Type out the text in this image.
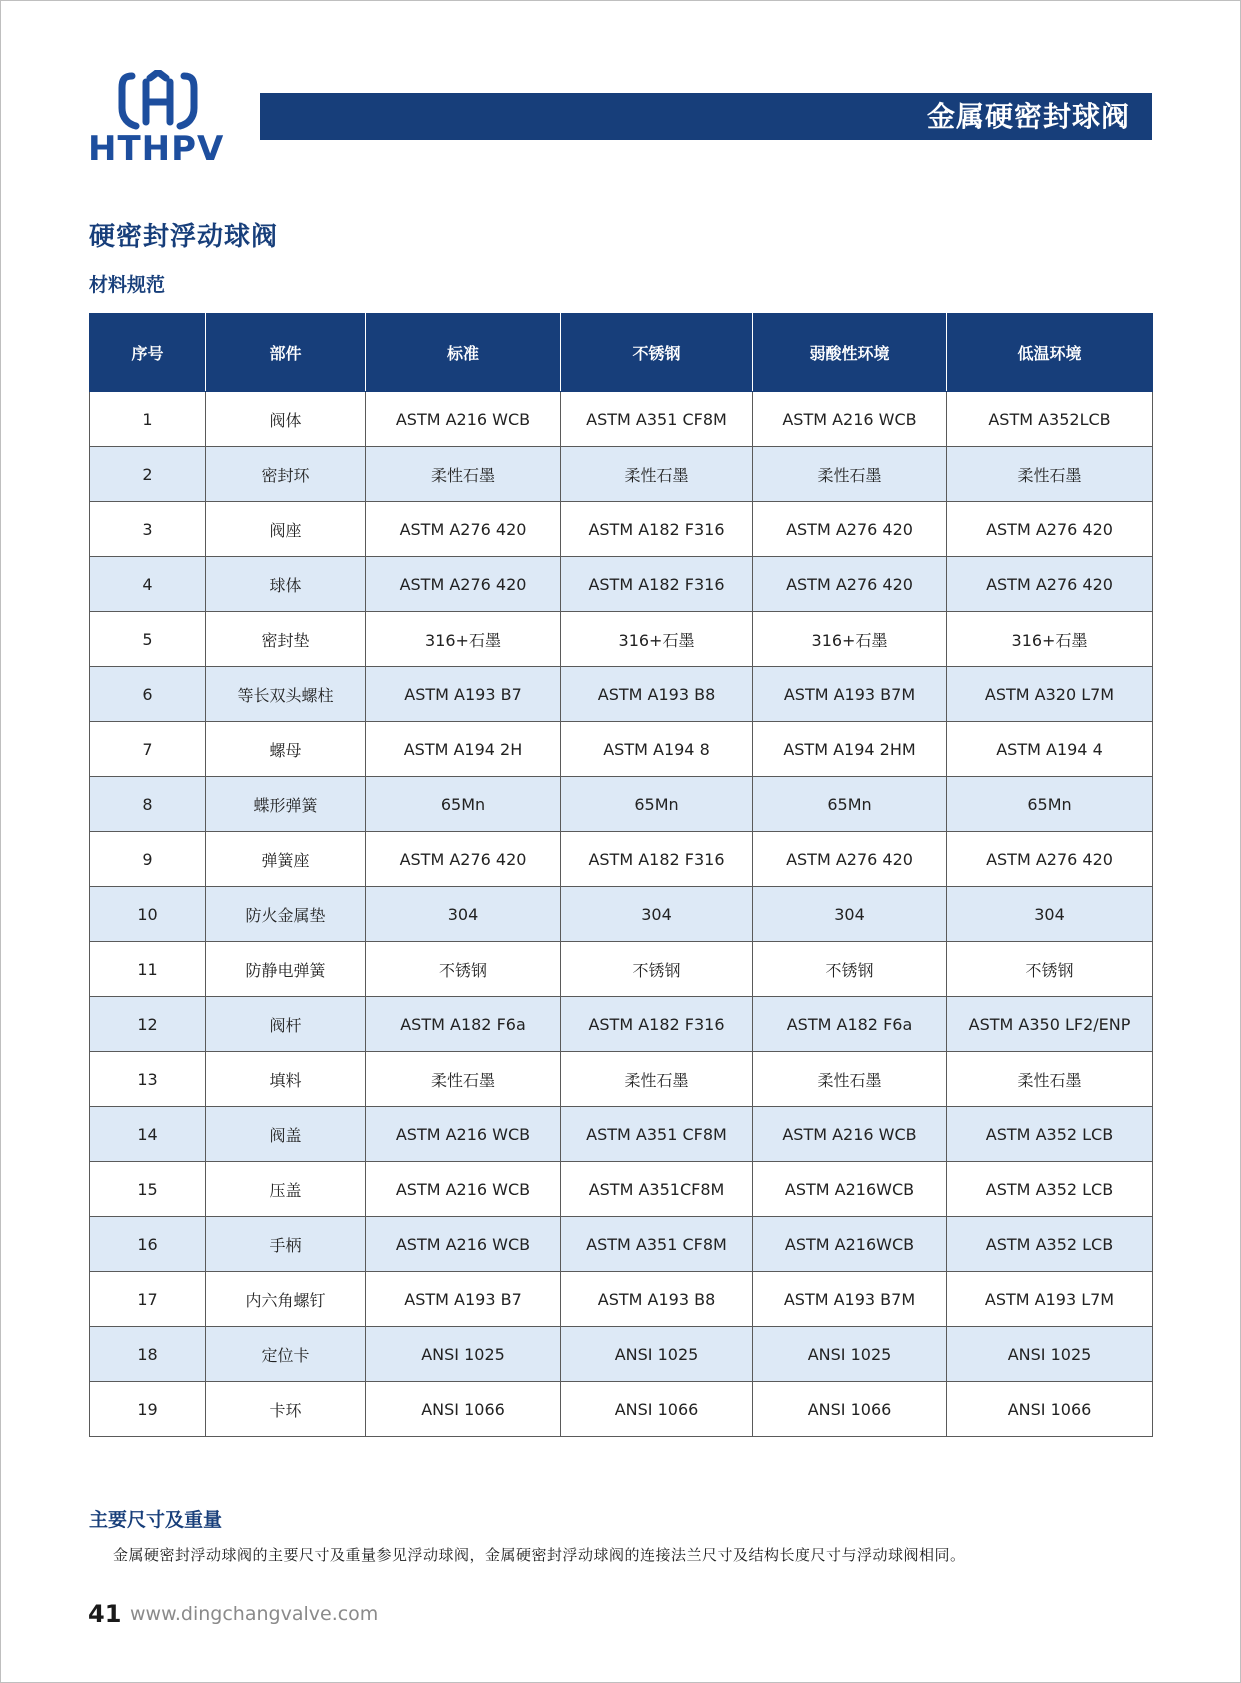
HTHPV
金属硬密封球阀
硬密封浮动球阀
材料规范
序号	部件	标准	不锈钢	弱酸性环境	低温环境
1	阀体	ASTM A216 WCB	ASTM A351 CF8M	ASTM A216 WCB	ASTM A352LCB
2	密封环	柔性石墨	柔性石墨	柔性石墨	柔性石墨
3	阀座	ASTM A276 420	ASTM A182 F316	ASTM A276 420	ASTM A276 420
4	球体	ASTM A276 420	ASTM A182 F316	ASTM A276 420	ASTM A276 420
5	密封垫	316+石墨	316+石墨	316+石墨	316+石墨
6	等长双头螺柱	ASTM A193 B7	ASTM A193 B8	ASTM A193 B7M	ASTM A320 L7M
7	螺母	ASTM A194 2H	ASTM A194 8	ASTM A194 2HM	ASTM A194 4
8	蝶形弹簧	65Mn	65Mn	65Mn	65Mn
9	弹簧座	ASTM A276 420	ASTM A182 F316	ASTM A276 420	ASTM A276 420
10	防火金属垫	304	304	304	304
11	防静电弹簧	不锈钢	不锈钢	不锈钢	不锈钢
12	阀杆	ASTM A182 F6a	ASTM A182 F316	ASTM A182 F6a	ASTM A350 LF2/ENP
13	填料	柔性石墨	柔性石墨	柔性石墨	柔性石墨
14	阀盖	ASTM A216 WCB	ASTM A351 CF8M	ASTM A216 WCB	ASTM A352 LCB
15	压盖	ASTM A216 WCB	ASTM A351CF8M	ASTM A216WCB	ASTM A352 LCB
16	手柄	ASTM A216 WCB	ASTM A351 CF8M	ASTM A216WCB	ASTM A352 LCB
17	内六角螺钉	ASTM A193 B7	ASTM A193 B8	ASTM A193 B7M	ASTM A193 L7M
18	定位卡	ANSI 1025	ANSI 1025	ANSI 1025	ANSI 1025
19	卡环	ANSI 1066	ANSI 1066	ANSI 1066	ANSI 1066
主要尺寸及重量
金属硬密封浮动球阀的主要尺寸及重量参见浮动球阀，金属硬密封浮动球阀的连接法兰尺寸及结构长度尺寸与浮动球阀相同。
41 www.dingchangvalve.com
